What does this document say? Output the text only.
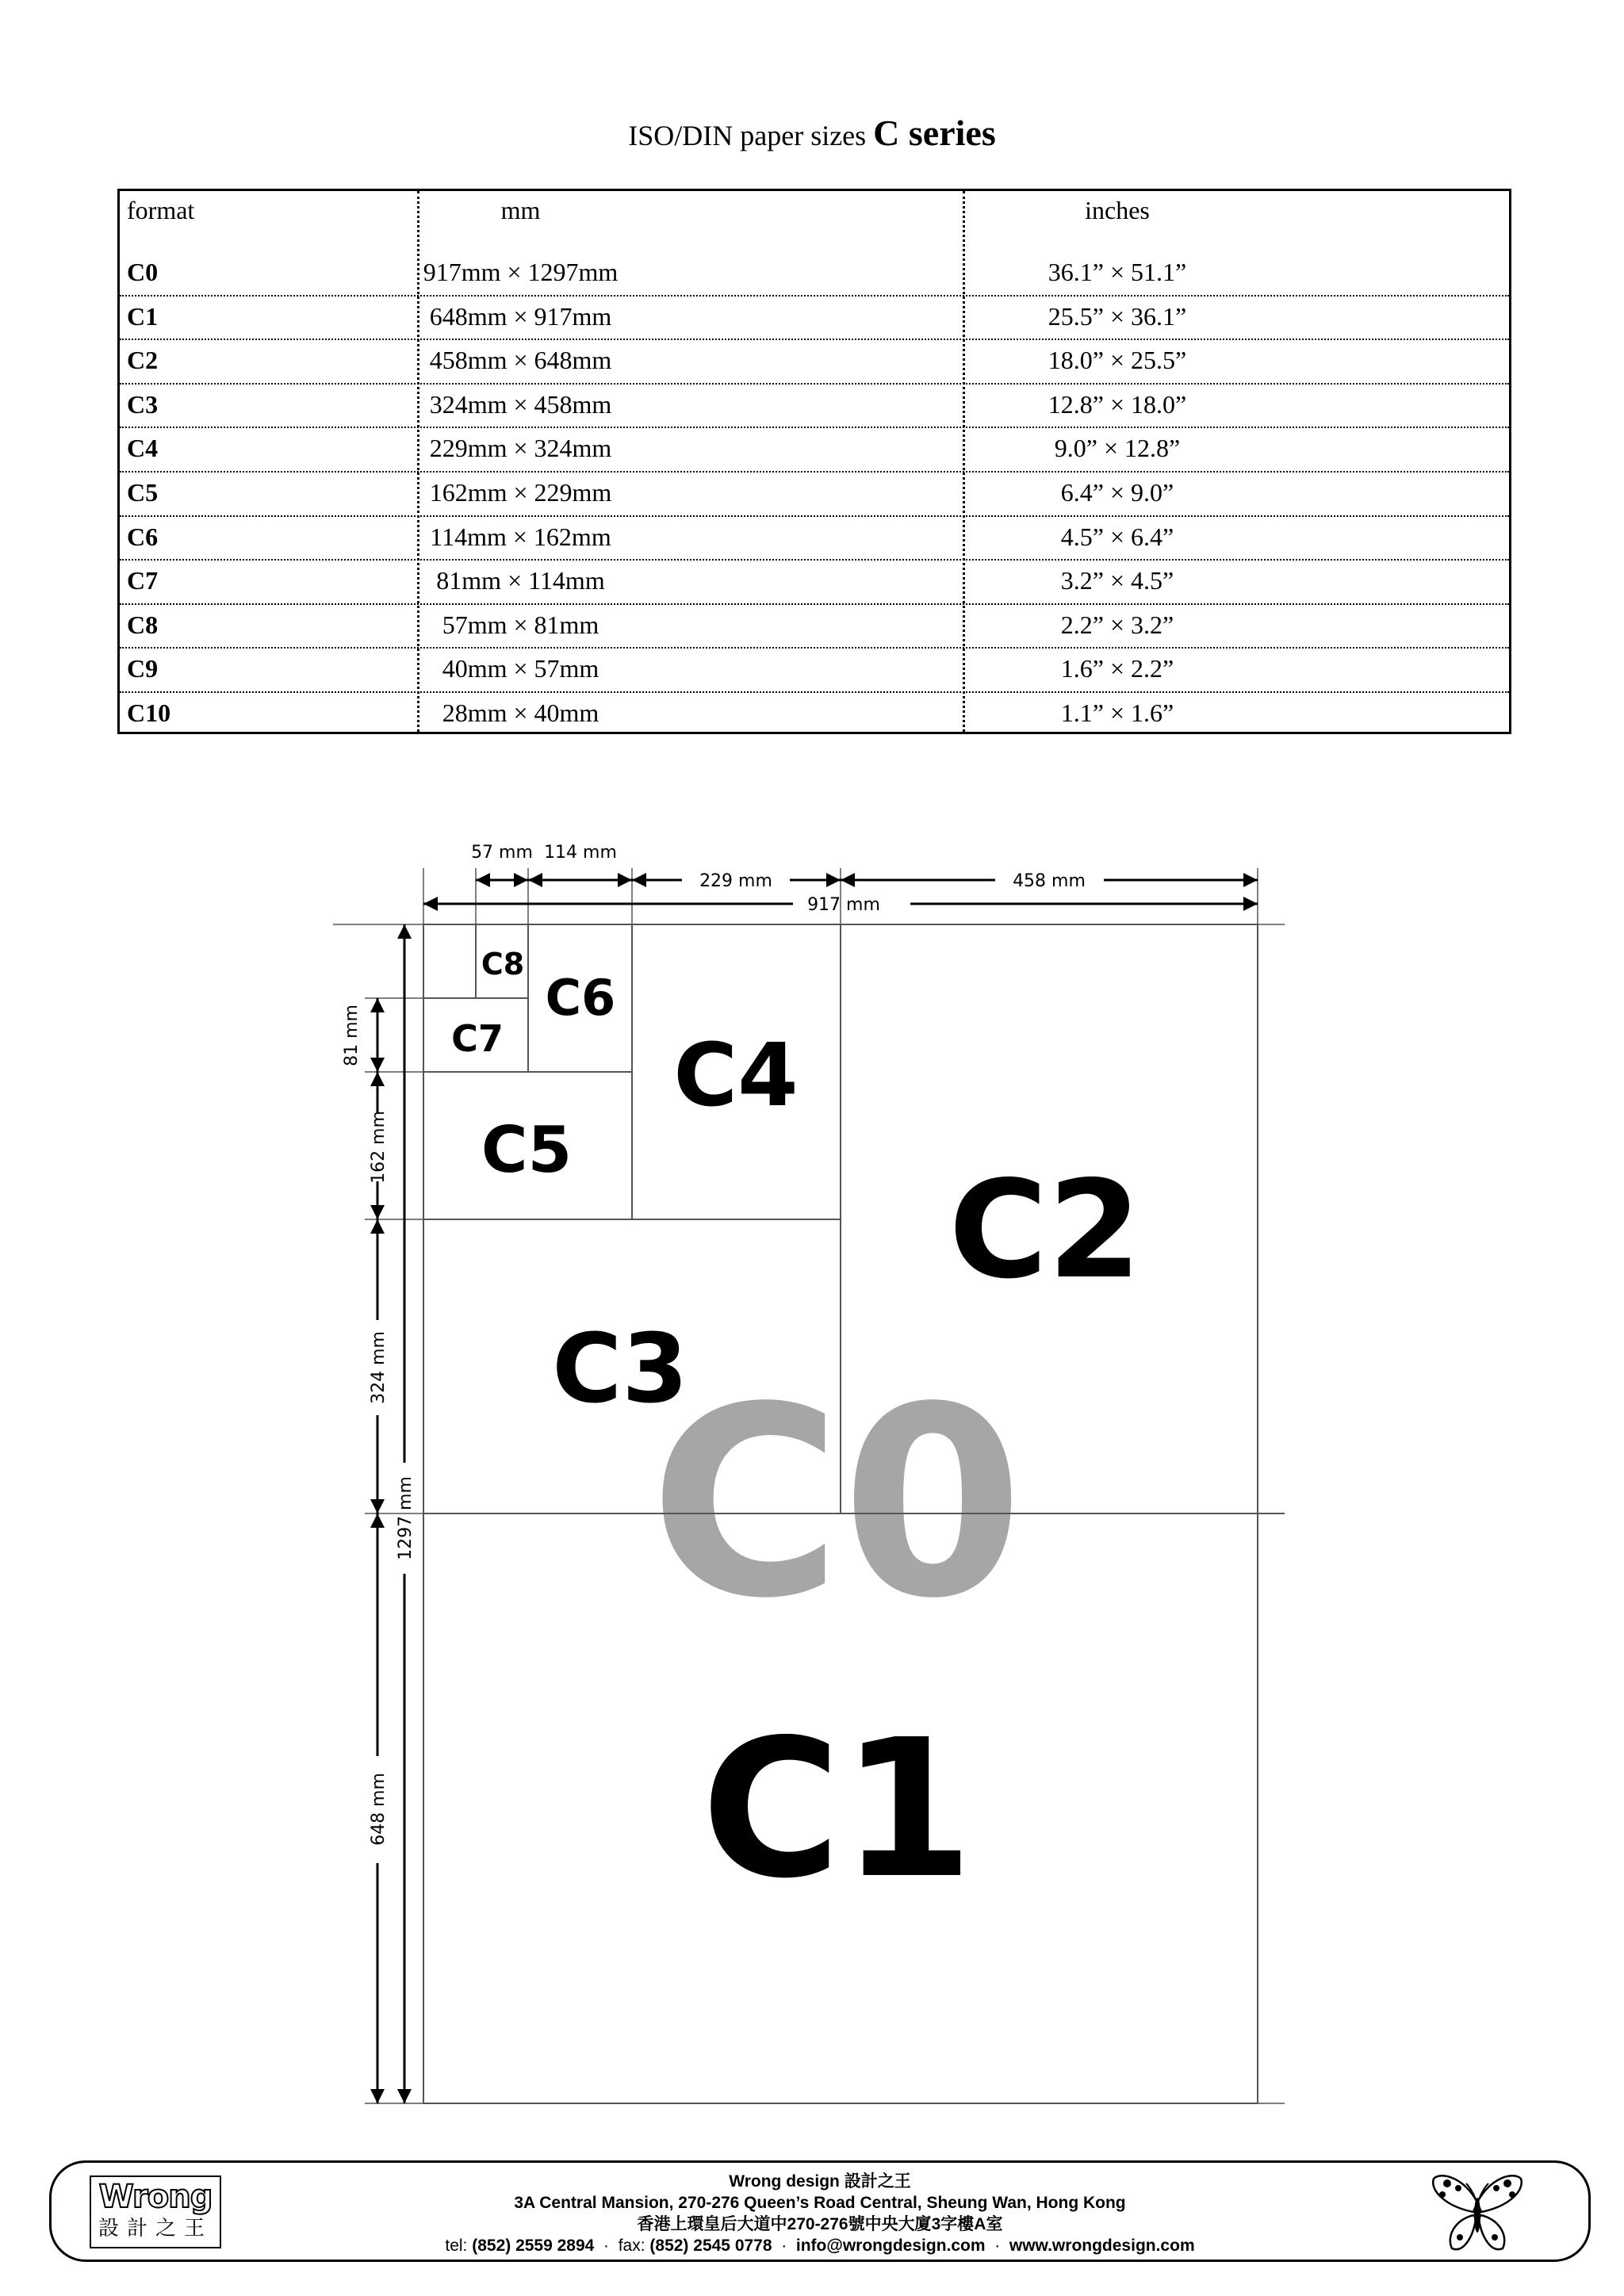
ISO/DIN paper sizes C series
format	mm	inches
C0	917mm × 1297mm	36.1” × 51.1”
C1	648mm × 917mm	25.5” × 36.1”
C2	458mm × 648mm	18.0” × 25.5”
C3	324mm × 458mm	12.8” × 18.0”
C4	229mm × 324mm	9.0” × 12.8”
C5	162mm × 229mm	6.4” × 9.0”
C6	114mm × 162mm	4.5” × 6.4”
C7	81mm × 114mm	3.2” × 4.5”
C8	57mm × 81mm	2.2” × 3.2”
C9	40mm × 57mm	1.6” × 2.2”
C10	28mm × 40mm	1.1” × 1.6”
C0
C2
C3
C4
C5
C6
C7
C8
C1
57 mm 114 mm
229 mm	458 mm
917 mm
81 mm
162 mm
324 mm
648 mm
1297 mm
Wrong
設計之王
Wrong design 設計之王
3A Central Mansion, 270-276 Queen’s Road Central, Sheung Wan, Hong Kong
香港上環皇后大道中270-276號中央大廈3字樓A室
tel: (852) 2559 2894 · fax: (852) 2545 0778 · info@wrongdesign.com · www.wrongdesign.com
